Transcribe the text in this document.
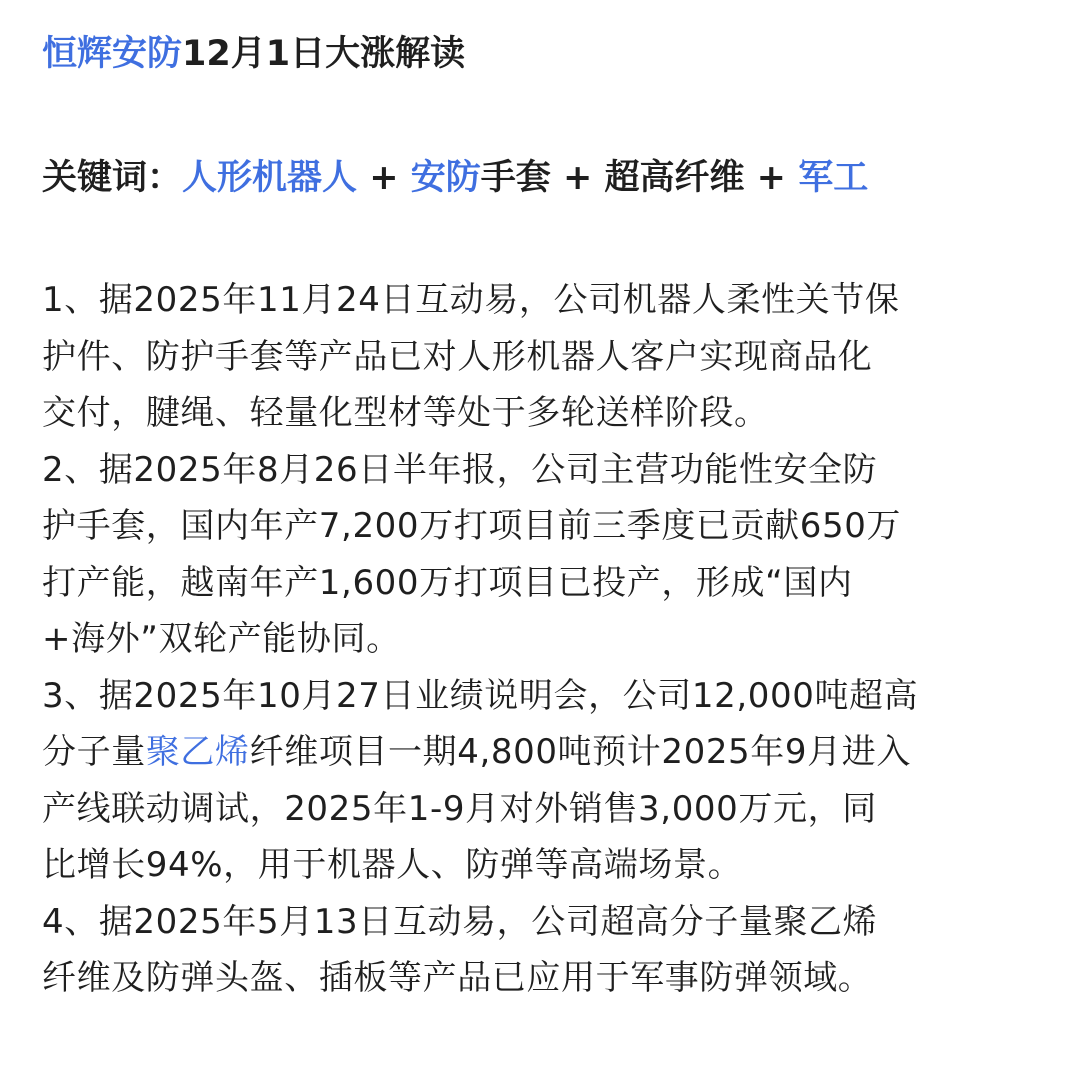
恒辉安防12月1日大涨解读

关键词：人形机器人 + 安防手套 + 超高纤维 + 军工

1、据2025年11月24日互动易，公司机器人柔性关节保
护件、防护手套等产品已对人形机器人客户实现商品化
交付，腱绳、轻量化型材等处于多轮送样阶段。

2、据2025年8月26日半年报，公司主营功能性安全防
护手套，国内年产7,200万打项目前三季度已贡献650万
打产能，越南年产1,600万打项目已投产，形成“国内
+海外”双轮产能协同。

3、据2025年10月27日业绩说明会，公司12,000吨超高
分子量聚乙烯纤维项目一期4,800吨预计2025年9月进入
产线联动调试，2025年1-9月对外销售3,000万元，同
比增长94%，用于机器人、防弹等高端场景。

4、据2025年5月13日互动易，公司超高分子量聚乙烯
纤维及防弹头盔、插板等产品已应用于军事防弹领域。
